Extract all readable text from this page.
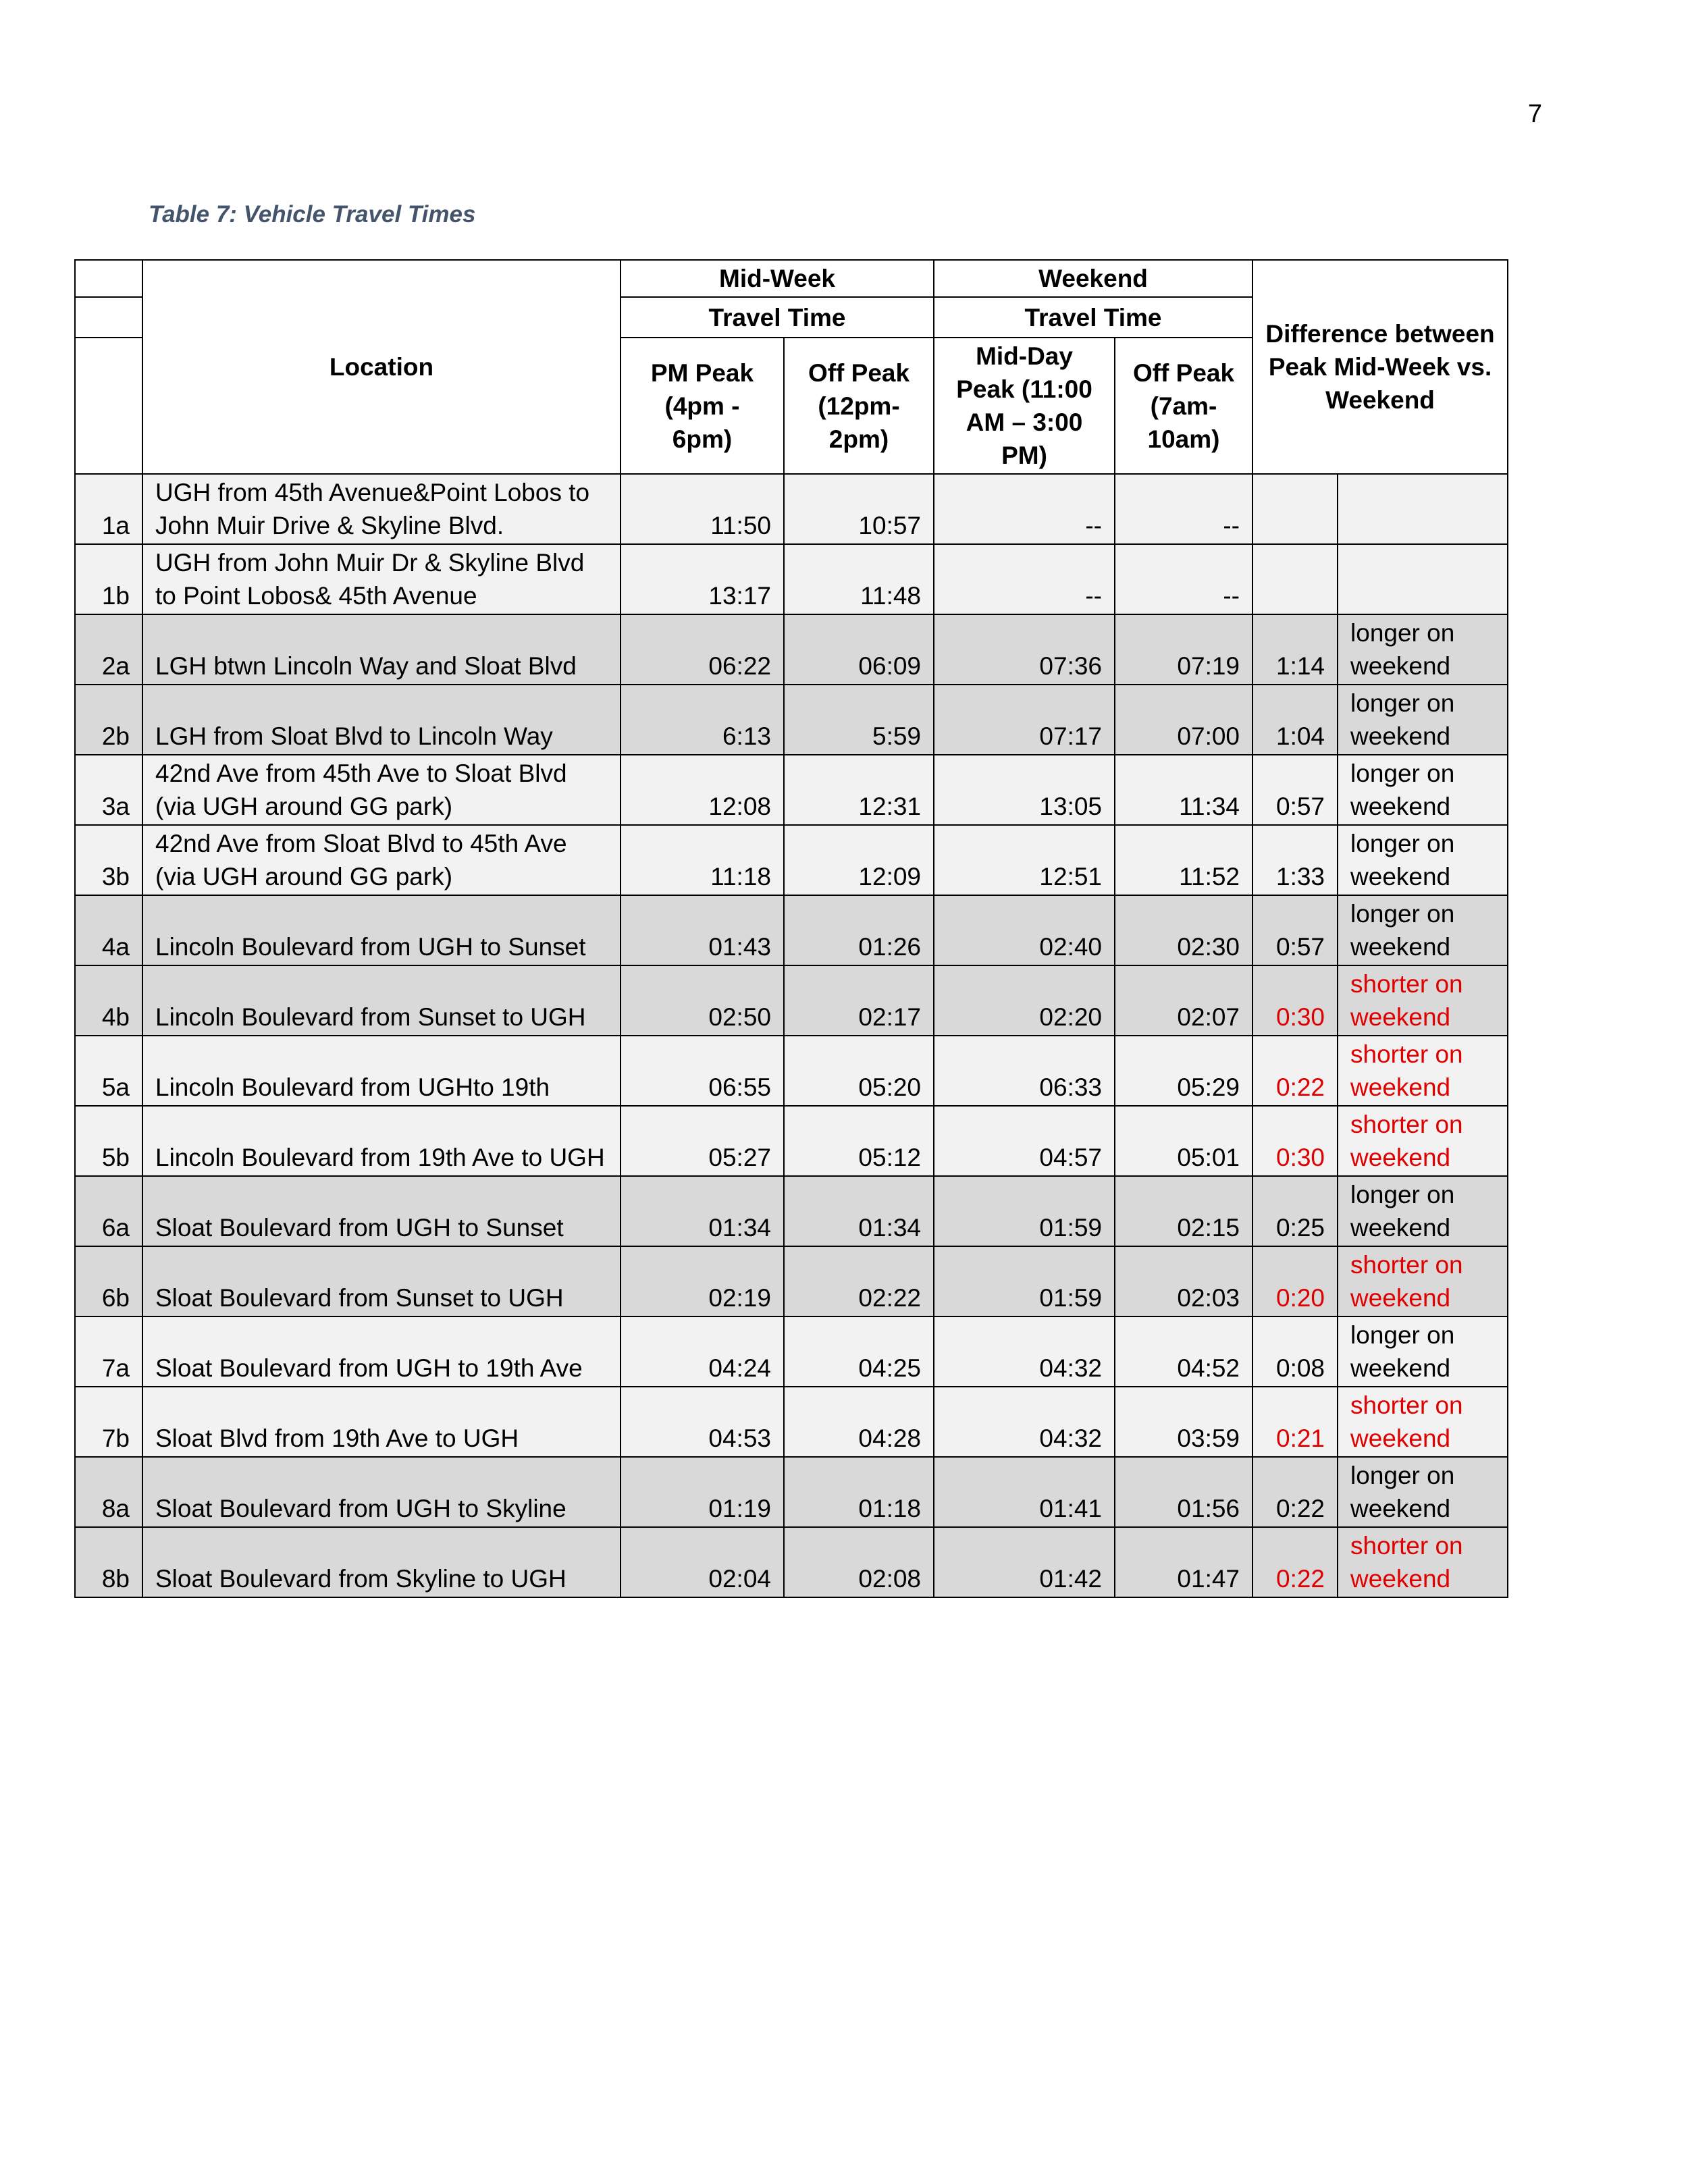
7
Table 7: Vehicle Travel Times
	Location	Mid-Week		Weekend		Difference between Peak Mid-Week vs. Weekend	
		Travel Time		Travel Time			
		PM Peak (4pm - 6pm)	Off Peak (12pm-2pm)	Mid-Day Peak (11:00 AM – 3:00 PM)	Off Peak (7am-10am)		
1a	UGH from 45th Avenue&Point Lobos to John Muir Drive & Skyline Blvd.	11:50	10:57	--	--		
1b	UGH from John Muir Dr & Skyline Blvd to Point Lobos& 45th Avenue	13:17	11:48	--	--		
2a	LGH btwn Lincoln Way and Sloat Blvd	06:22	06:09	07:36	07:19	1:14	longer on weekend
2b	LGH from Sloat Blvd to Lincoln Way	6:13	5:59	07:17	07:00	1:04	longer on weekend
3a	42nd Ave from 45th Ave to Sloat Blvd (via UGH around GG park)	12:08	12:31	13:05	11:34	0:57	longer on weekend
3b	42nd Ave from Sloat Blvd to 45th Ave (via UGH around GG park)	11:18	12:09	12:51	11:52	1:33	longer on weekend
4a	Lincoln Boulevard from UGH to Sunset	01:43	01:26	02:40	02:30	0:57	longer on weekend
4b	Lincoln Boulevard from Sunset to UGH	02:50	02:17	02:20	02:07	0:30	shorter on weekend
5a	Lincoln Boulevard from UGHto 19th	06:55	05:20	06:33	05:29	0:22	shorter on weekend
5b	Lincoln Boulevard from 19th Ave to UGH	05:27	05:12	04:57	05:01	0:30	shorter on weekend
6a	Sloat Boulevard from UGH to Sunset	01:34	01:34	01:59	02:15	0:25	longer on weekend
6b	Sloat Boulevard from Sunset to UGH	02:19	02:22	01:59	02:03	0:20	shorter on weekend
7a	Sloat Boulevard from UGH to 19th Ave	04:24	04:25	04:32	04:52	0:08	longer on weekend
7b	Sloat Blvd from 19th Ave to UGH	04:53	04:28	04:32	03:59	0:21	shorter on weekend
8a	Sloat Boulevard from UGH to Skyline	01:19	01:18	01:41	01:56	0:22	longer on weekend
8b	Sloat Boulevard from Skyline to UGH	02:04	02:08	01:42	01:47	0:22	shorter on weekend
